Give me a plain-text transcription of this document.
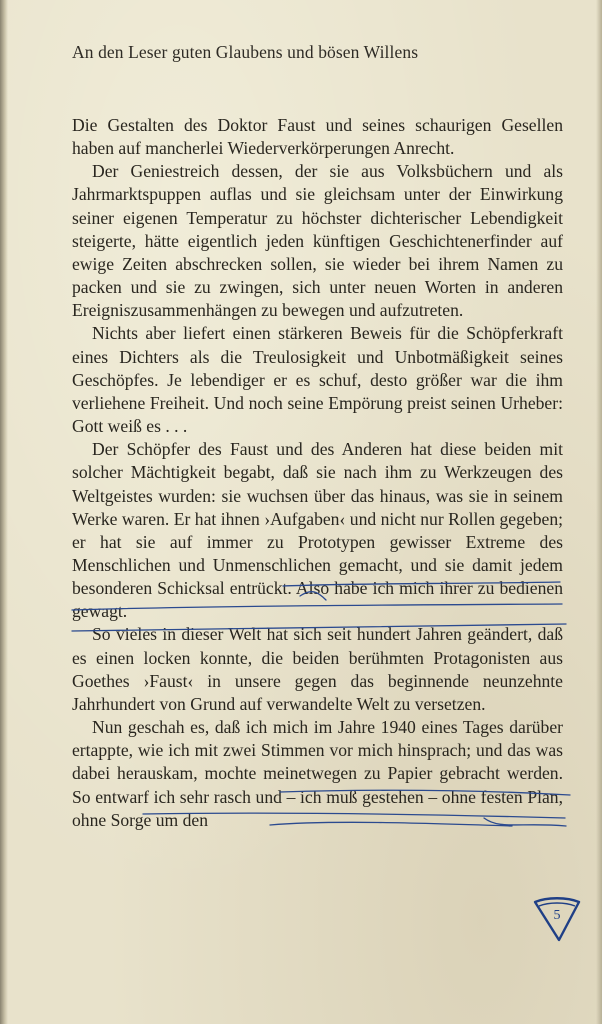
An den Leser guten Glaubens und bösen Willens

Die Gestalten des Doktor Faust und seines schaurigen Gesellen haben auf mancherlei Wiederverkörperungen Anrecht.

Der Geniestreich dessen, der sie aus Volksbüchern und als Jahrmarktspuppen auflas und sie gleichsam unter der Einwirkung seiner eigenen Temperatur zu höchster dichterischer Lebendigkeit steigerte, hätte eigentlich jeden künftigen Geschichtenerfinder auf ewige Zeiten abschrecken sollen, sie wieder bei ihrem Namen zu packen und sie zu zwingen, sich unter neuen Worten in anderen Ereigniszusammenhängen zu bewegen und aufzutreten.

Nichts aber liefert einen stärkeren Beweis für die Schöpferkraft eines Dichters als die Treulosigkeit und Unbotmäßigkeit seines Geschöpfes. Je lebendiger er es schuf, desto größer war die ihm verliehene Freiheit. Und noch seine Empörung preist seinen Urheber: Gott weiß es . . .

Der Schöpfer des Faust und des Anderen hat diese beiden mit solcher Mächtigkeit begabt, daß sie nach ihm zu Werkzeugen des Weltgeistes wurden: sie wuchsen über das hinaus, was sie in seinem Werke waren. Er hat ihnen ›Aufgaben‹ und nicht nur Rollen gegeben; er hat sie auf immer zu Prototypen gewisser Extreme des Menschlichen und Unmenschlichen gemacht, und sie damit jedem besonderen Schicksal entrückt. Also habe ich mich ihrer zu bedienen gewagt.

So vieles in dieser Welt hat sich seit hundert Jahren geändert, daß es einen locken konnte, die beiden berühmten Protagonisten aus Goethes ›Faust‹ in unsere gegen das beginnende neunzehnte Jahrhundert von Grund auf verwandelte Welt zu versetzen.

Nun geschah es, daß ich mich im Jahre 1940 eines Tages darüber ertappte, wie ich mit zwei Stimmen vor mich hinsprach; und das was dabei herauskam, mochte meinetwegen zu Papier gebracht werden. So entwarf ich sehr rasch und – ich muß gestehen – ohne festen Plan, ohne Sorge um den

5
